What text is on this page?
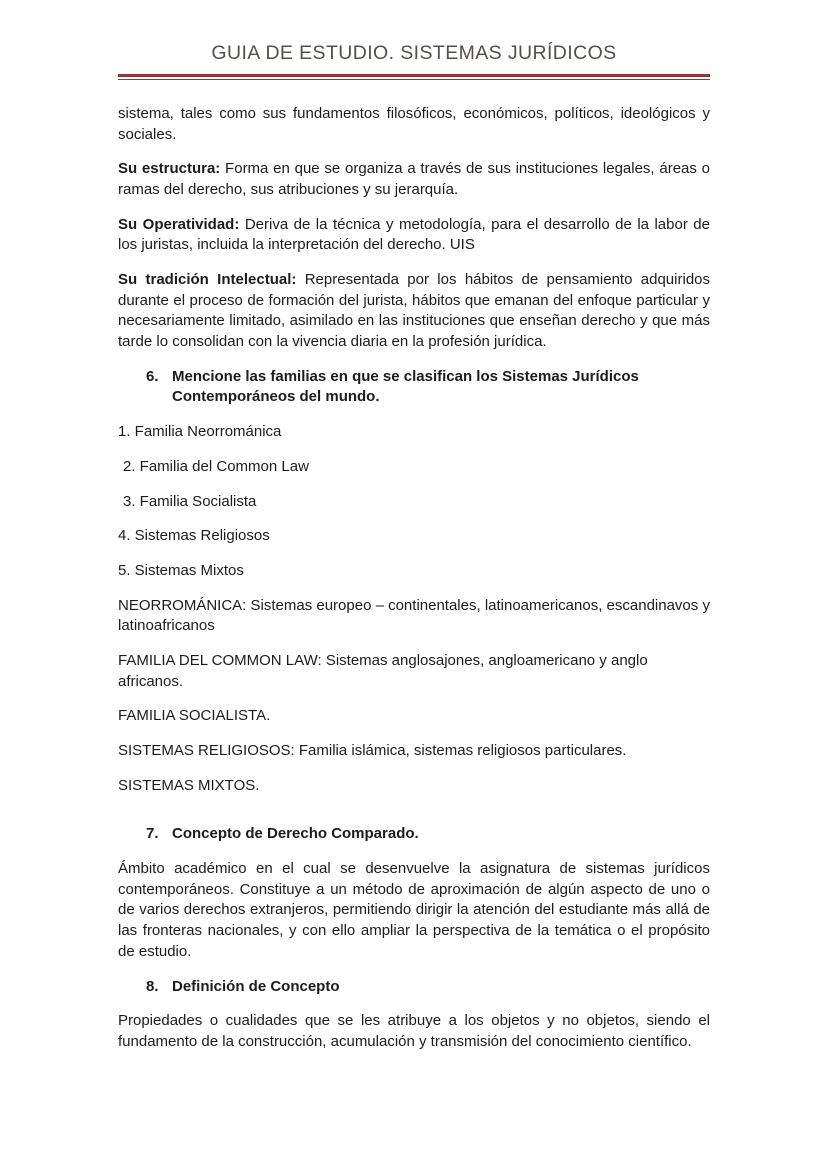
GUIA DE ESTUDIO. SISTEMAS JURÍDICOS

sistema, tales como sus fundamentos filosóficos, económicos, políticos, ideológicos y sociales.

Su estructura: Forma en que se organiza a través de sus instituciones legales, áreas o ramas del derecho, sus atribuciones y su jerarquía.

Su Operatividad: Deriva de la técnica y metodología, para el desarrollo de la labor de los juristas, incluida la interpretación del derecho. UIS

Su tradición Intelectual: Representada por los hábitos de pensamiento adquiridos durante el proceso de formación del jurista, hábitos que emanan del enfoque particular y necesariamente limitado, asimilado en las instituciones que enseñan derecho y que más tarde lo consolidan con la vivencia diaria en la profesión jurídica.

6. Mencione las familias en que se clasifican los Sistemas Jurídicos Contemporáneos del mundo.

1. Familia Neorrománica

2. Familia del Common Law

3. Familia Socialista

4. Sistemas Religiosos

5. Sistemas Mixtos

NEORROMÁNICA: Sistemas europeo – continentales, latinoamericanos, escandinavos y latinoafricanos

FAMILIA DEL COMMON LAW: Sistemas anglosajones, angloamericano y anglo africanos.

FAMILIA SOCIALISTA.

SISTEMAS RELIGIOSOS: Familia islámica, sistemas religiosos particulares.

SISTEMAS MIXTOS.

7. Concepto de Derecho Comparado.

Ámbito académico en el cual se desenvuelve la asignatura de sistemas jurídicos contemporáneos. Constituye a un método de aproximación de algún aspecto de uno o de varios derechos extranjeros, permitiendo dirigir la atención del estudiante más allá de las fronteras nacionales, y con ello ampliar la perspectiva de la temática o el propósito de estudio.

8. Definición de Concepto

Propiedades o cualidades que se les atribuye a los objetos y no objetos, siendo el fundamento de la construcción, acumulación y transmisión del conocimiento científico.
